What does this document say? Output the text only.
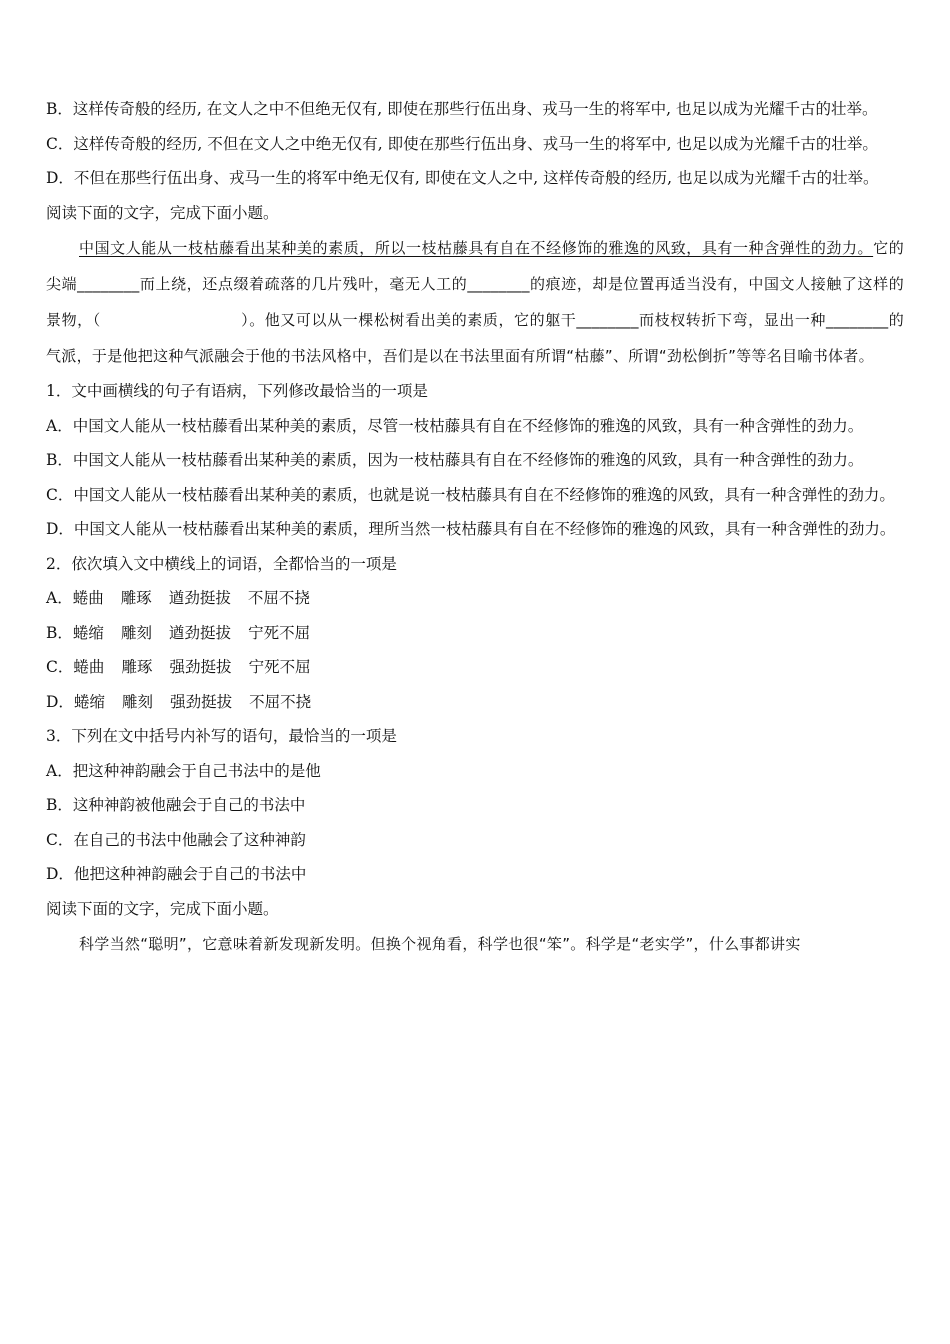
B．这样传奇般的经历, 在文人之中不但绝无仅有, 即使在那些行伍出身、戎马一生的将军中, 也足以成为光耀千古的壮举。
C．这样传奇般的经历, 不但在文人之中绝无仅有, 即使在那些行伍出身、戎马一生的将军中, 也足以成为光耀千古的壮举。
D．不但在那些行伍出身、戎马一生的将军中绝无仅有, 即使在文人之中, 这样传奇般的经历, 也足以成为光耀千古的壮举。
阅读下面的文字，完成下面小题。
中国文人能从一枝枯藤看出某种美的素质，所以一枝枯藤具有自在不经修饰的雅逸的风致，具有一种含弹性的劲力。它的尖端________而上绕，还点缀着疏落的几片残叶，毫无人工的________的痕迹，却是位置再适当没有，中国文人接触了这样的景物，（	）。他又可以从一棵松树看出美的素质，它的躯干________而枝杈转折下弯，显出一种________的气派，于是他把这种气派融会于他的书法风格中，吾们是以在书法里面有所谓“枯藤”、所谓“劲松倒折”等等名目喻书体者。
1．文中画横线的句子有语病，下列修改最恰当的一项是
A．中国文人能从一枝枯藤看出某种美的素质，尽管一枝枯藤具有自在不经修饰的雅逸的风致，具有一种含弹性的劲力。
B．中国文人能从一枝枯藤看出某种美的素质，因为一枝枯藤具有自在不经修饰的雅逸的风致，具有一种含弹性的劲力。
C．中国文人能从一枝枯藤看出某种美的素质，也就是说一枝枯藤具有自在不经修饰的雅逸的风致，具有一种含弹性的劲力。
D．中国文人能从一枝枯藤看出某种美的素质，理所当然一枝枯藤具有自在不经修饰的雅逸的风致，具有一种含弹性的劲力。
2．依次填入文中横线上的词语，全都恰当的一项是
A．蜷曲 雕琢 遒劲挺拔 不屈不挠
B．蜷缩 雕刻 遒劲挺拔 宁死不屈
C．蜷曲 雕琢 强劲挺拔 宁死不屈
D．蜷缩 雕刻 强劲挺拔 不屈不挠
3．下列在文中括号内补写的语句，最恰当的一项是
A．把这种神韵融会于自己书法中的是他
B．这种神韵被他融会于自己的书法中
C．在自己的书法中他融会了这种神韵
D．他把这种神韵融会于自己的书法中
阅读下面的文字，完成下面小题。
科学当然“聪明”，它意味着新发现新发明。但换个视角看，科学也很“笨”。科学是“老实学”，什么事都讲实
